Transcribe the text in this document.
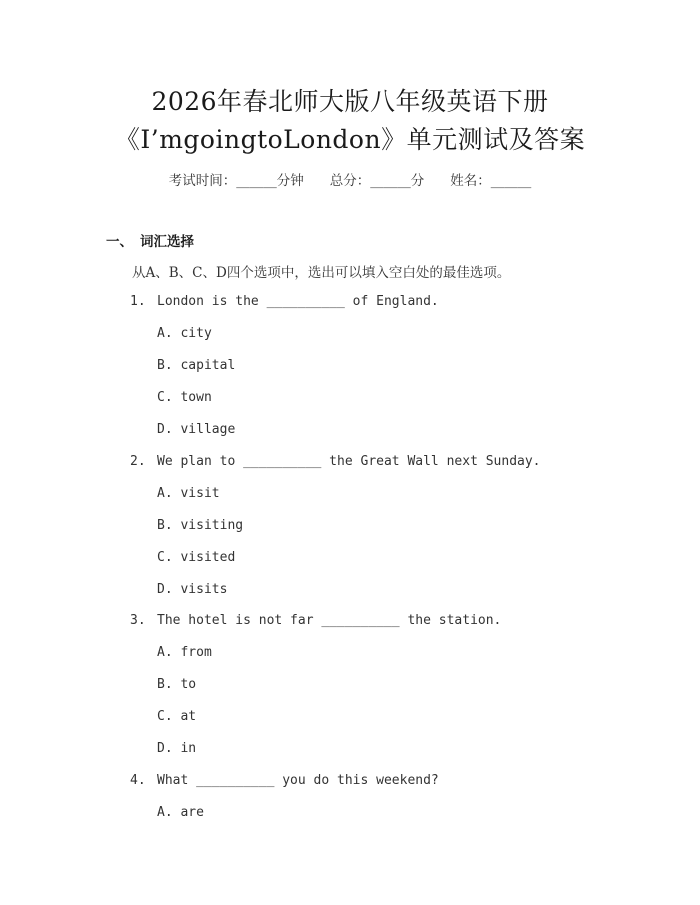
2026年春北师大版八年级英语下册
《I’mgoingtoLondon》单元测试及答案
考试时间：______分钟 总分：______分 姓名：______
一、 词汇选择
从A、B、C、D四个选项中，选出可以填入空白处的最佳选项。
1. London is the __________ of England.
A. city
B. capital
C. town
D. village
2. We plan to __________ the Great Wall next Sunday.
A. visit
B. visiting
C. visited
D. visits
3. The hotel is not far __________ the station.
A. from
B. to
C. at
D. in
4. What __________ you do this weekend?
A. are
